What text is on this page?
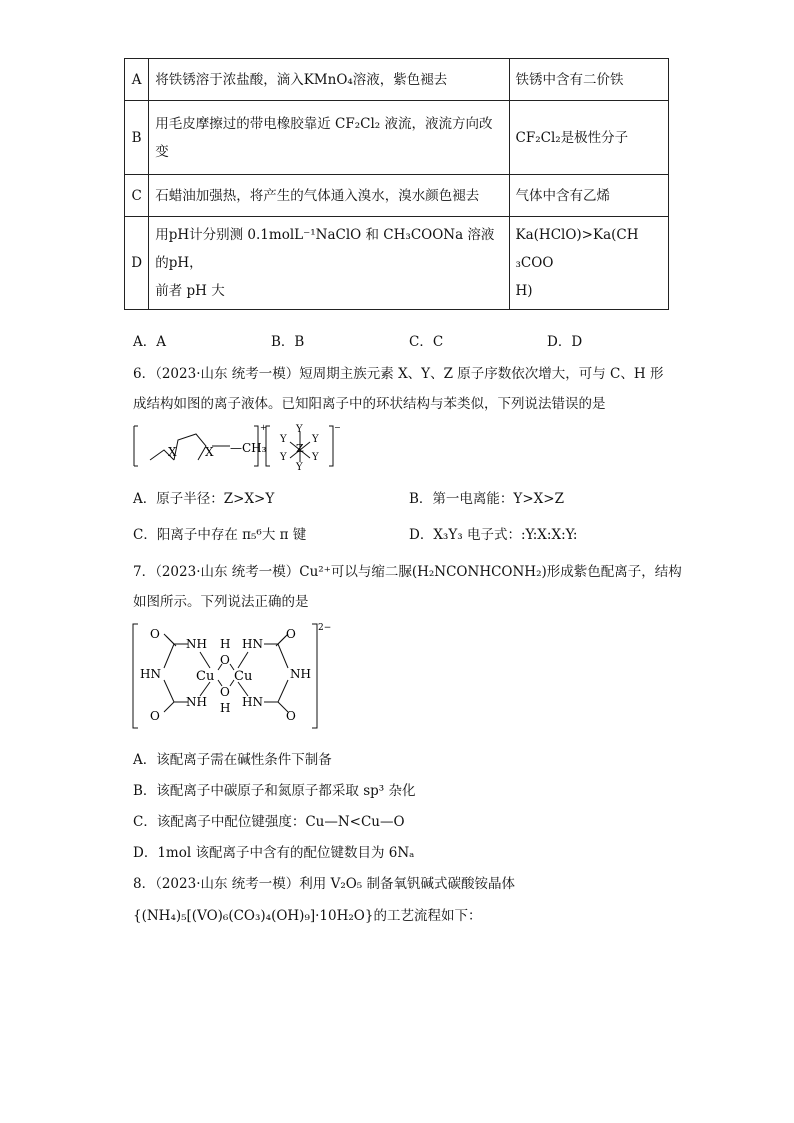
A	将铁锈溶于浓盐酸，滴入KMnO₄溶液，紫色褪去	铁锈中含有二价铁
B	用毛皮摩擦过的带电橡胶靠近 CF₂Cl₂ 液流，液流方向改
变	CF₂Cl₂是极性分子
C	石蜡油加强热，将产生的气体通入溴水，溴水颜色褪去	气体中含有乙烯
D	用pH计分别测 0.1molL⁻¹NaClO 和 CH₃COONa 溶液的pH，
前者 pH 大	Ka(HClO)>Ka(CH ₃COO
H)
A．A	B．B	C．C	D．D
6．（2023·山东 统考一模）短周期主族元素 X、Y、Z 原子序数依次增大，可与 C、H 形
成结构如图的离子液体。已知阳离子中的环状结构与苯类似，下列说法错误的是
X X —CH₃
+	−
Y
Y	Y
Z
Y	Y
Y
A．原子半径：Z>X>Y	B．第一电离能：Y>X>Z
C．阳离子中存在 π₅⁶大 π 键	D．X₃Y₃ 电子式：:Y:X:X:Y:
7．（2023·山东 统考一模）Cu²⁺可以与缩二脲(H₂NCONHCONH₂)形成紫色配离子，结构
如图所示。下列说法正确的是
O
NH
HN
NH
O
H
O
Cu Cu
O
H
HN
O
NH
HN
O
2−
A．该配离子需在碱性条件下制备
B．该配离子中碳原子和氮原子都采取 sp³ 杂化
C．该配离子中配位键强度：Cu—N<Cu—O
D．1mol 该配离子中含有的配位键数目为 6Nₐ
8．（2023·山东 统考一模）利用 V₂O₅ 制备氧钒碱式碳酸铵晶体
{(NH₄)₅[(VO)₆(CO₃)₄(OH)₉]·10H₂O}的工艺流程如下：
